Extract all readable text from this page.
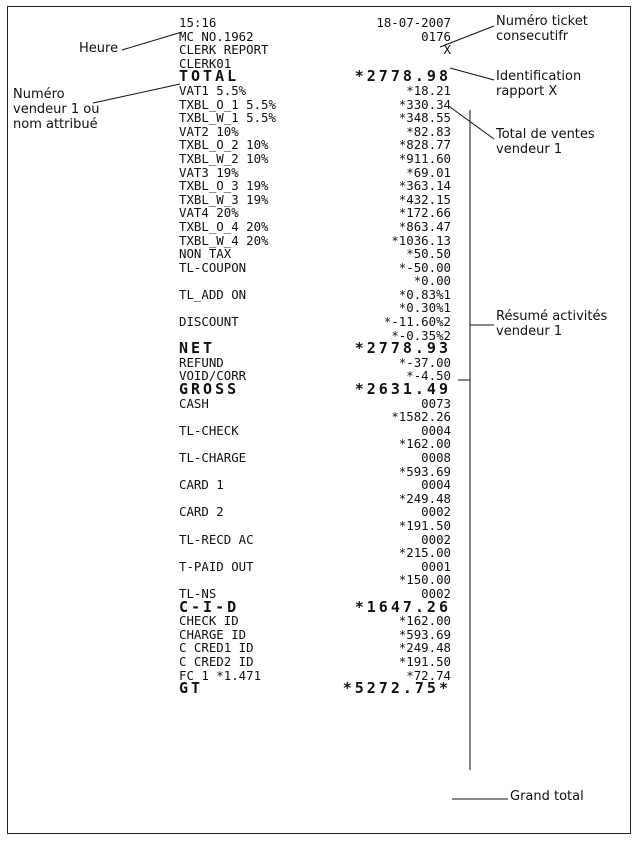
15:16	18-07-2007
MC NO.1962	0176
CLERK REPORT	X
CLERK01
TOTAL	*2778.98
VAT1 5.5%	*18.21
TXBL_O_1 5.5%	*330.34
TXBL_W_1 5.5%	*348.55
VAT2 10%	*82.83
TXBL_O_2 10%	*828.77
TXBL_W_2 10%	*911.60
VAT3 19%	*69.01
TXBL_O_3 19%	*363.14
TXBL_W_3 19%	*432.15
VAT4 20%	*172.66
TXBL_O_4 20%	*863.47
TXBL_W_4 20%	*1036.13
NON TAX	*50.50
TL-COUPON	*-50.00
*0.00
TL_ADD ON	*0.83%1
*0.30%1
DISCOUNT	*-11.60%2
*-0.35%2
NET	*2778.93
REFUND	*-37.00
VOID/CORR	*-4.50
GROSS	*2631.49
CASH	0073
*1582.26
TL-CHECK	0004
*162.00
TL-CHARGE	0008
*593.69
CARD 1	0004
*249.48
CARD 2	0002
*191.50
TL-RECD AC	0002
*215.00
T-PAID OUT	0001
*150.00
TL-NS	0002
C-I-D	*1647.26
CHECK ID	*162.00
CHARGE ID	*593.69
C CRED1 ID	*249.48
C CRED2 ID	*191.50
FC 1 *1.471	*72.74
GT	*5272.75*
Heure
Numéro
vendeur 1 ou
nom attribué
Numéro ticket
consecutifr
Identification
rapport X
Total de ventes
vendeur 1
Résumé activités
vendeur 1
Grand total
